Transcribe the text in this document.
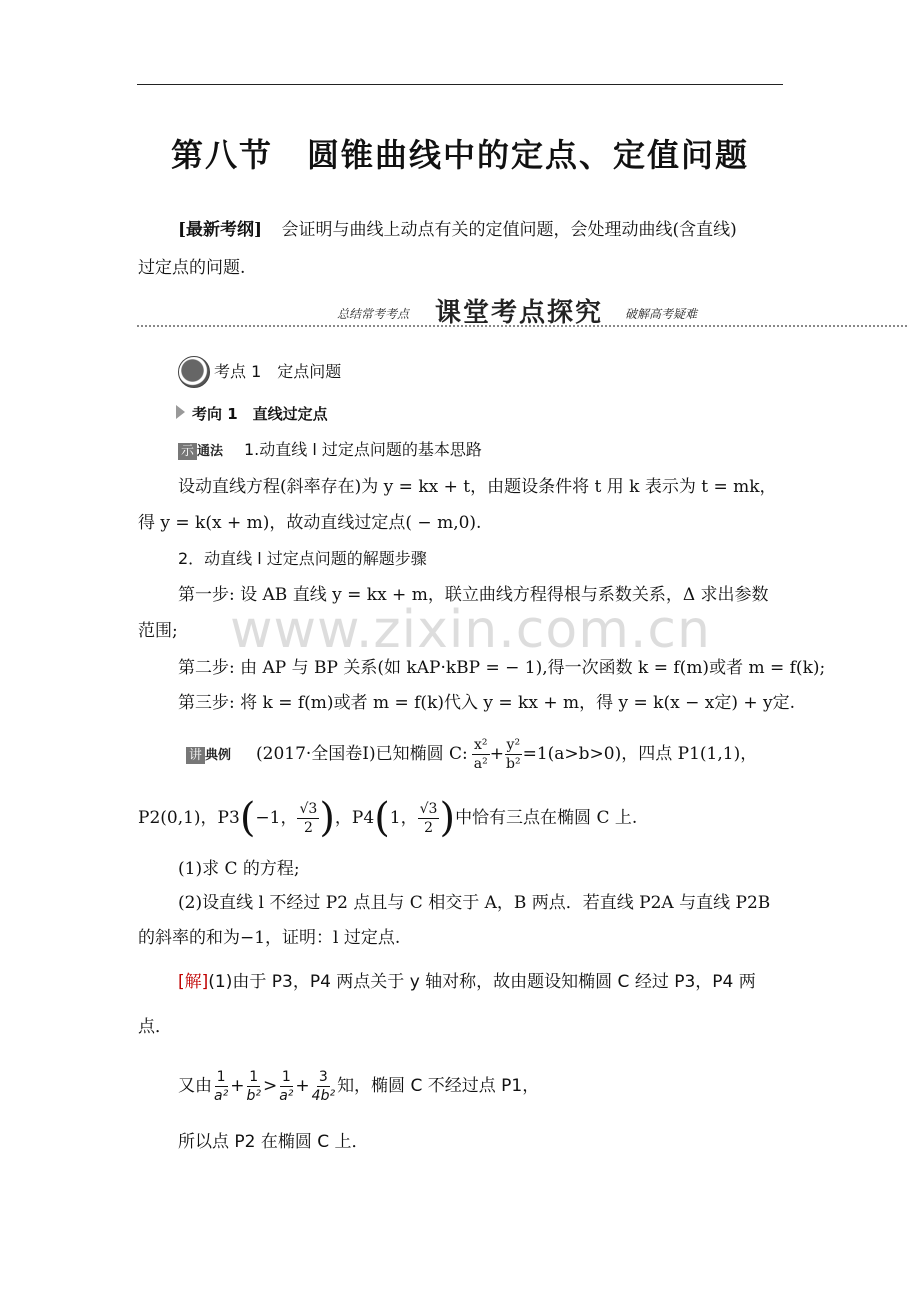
第八节　圆锥曲线中的定点、定值问题
[最新考纲] 会证明与曲线上动点有关的定值问题，会处理动曲线(含直线)
过定点的问题.
总结常考考点 课堂考点探究 破解高考疑难
考点 1　定点问题
考向 1　直线过定点
示 通法 1.动直线 l 过定点问题的基本思路
设动直线方程(斜率存在)为 y = kx + t，由题设条件将 t 用 k 表示为 t = mk，
得 y = k(x + m)，故动直线过定点( − m,0).
2．动直线 l 过定点问题的解题步骤
第一步: 设 AB 直线 y = kx + m，联立曲线方程得根与系数关系，Δ 求出参数
范围; www.zixin.com.cn
第二步: 由 AP 与 BP 关系(如 kAP·kBP = − 1),得一次函数 k = f(m)或者 m = f(k);
第三步: 将 k = f(m)或者 m = f(k)代入 y = kx + m，得 y = k(x − x定) + y定.
讲 典例 (2017·全国卷Ⅰ)已知椭圆 C: $\frac{\text{x²}}{\text{a²}} + \frac{\text{y²}}{\text{b²}} =1(a>b>0)$，四点 P1(1,1)，
P2(0,1)，P3 ( −1， $\frac{√3}{2}$ ) ，P4 ( 1， $\frac{√3}{2}$ ) 中恰有三点在椭圆 C 上.
(1)求 C 的方程;
(2)设直线 l 不经过 P2 点且与 C 相交于 A，B 两点．若直线 P2A 与直线 P2B
的斜率的和为−1，证明：l 过定点.
[解](1)由于 P3，P4 两点关于 y 轴对称，故由题设知椭圆 C 经过 P3，P4 两
点．
又由 $\frac{1}{\text{a²}} + \frac{1}{\text{b²}} > \frac{1}{\text{a²}} + \frac{3}{\text{4b²}}$ 知，椭圆 C 不经过点 P1，
所以点 P2 在椭圆 C 上．
